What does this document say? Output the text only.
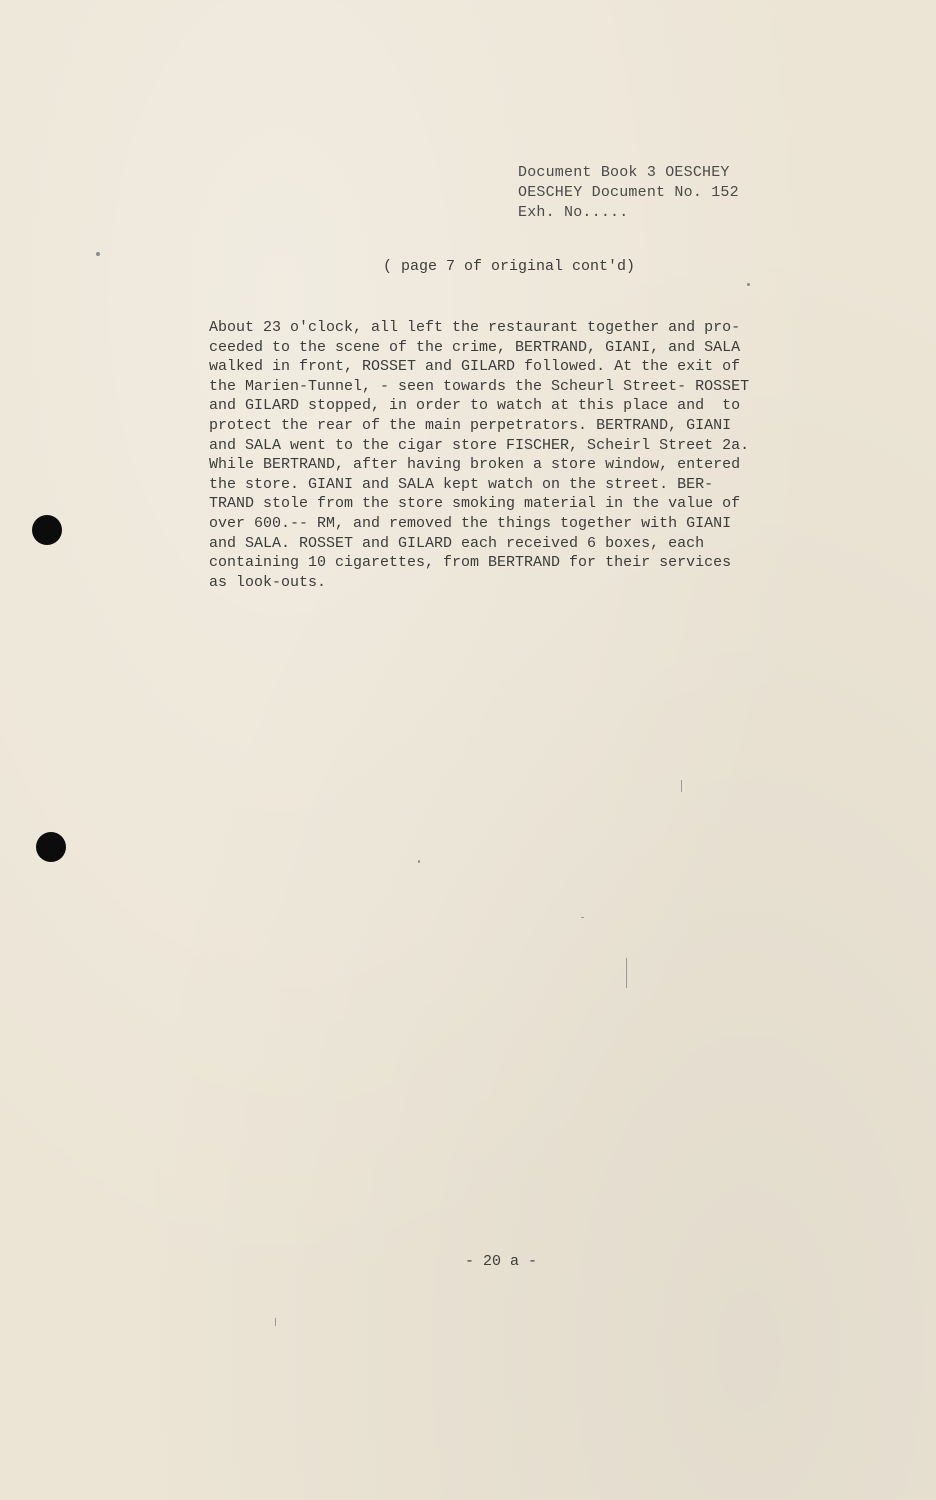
Document Book 3 OESCHEY
OESCHEY Document No. 152
Exh. No.....
( page 7 of original cont'd)
About 23 o'clock, all left the restaurant together and pro-
ceeded to the scene of the crime, BERTRAND, GIANI, and SALA
walked in front, ROSSET and GILARD followed. At the exit of
the Marien-Tunnel, - seen towards the Scheurl Street- ROSSET
and GILARD stopped, in order to watch at this place and  to
protect the rear of the main perpetrators. BERTRAND, GIANI
and SALA went to the cigar store FISCHER, Scheirl Street 2a.
While BERTRAND, after having broken a store window, entered
the store. GIANI and SALA kept watch on the street. BER-
TRAND stole from the store smoking material in the value of
over 600.-- RM, and removed the things together with GIANI
and SALA. ROSSET and GILARD each received 6 boxes, each
containing 10 cigarettes, from BERTRAND for their services
as look-outs.
- 20 a -
